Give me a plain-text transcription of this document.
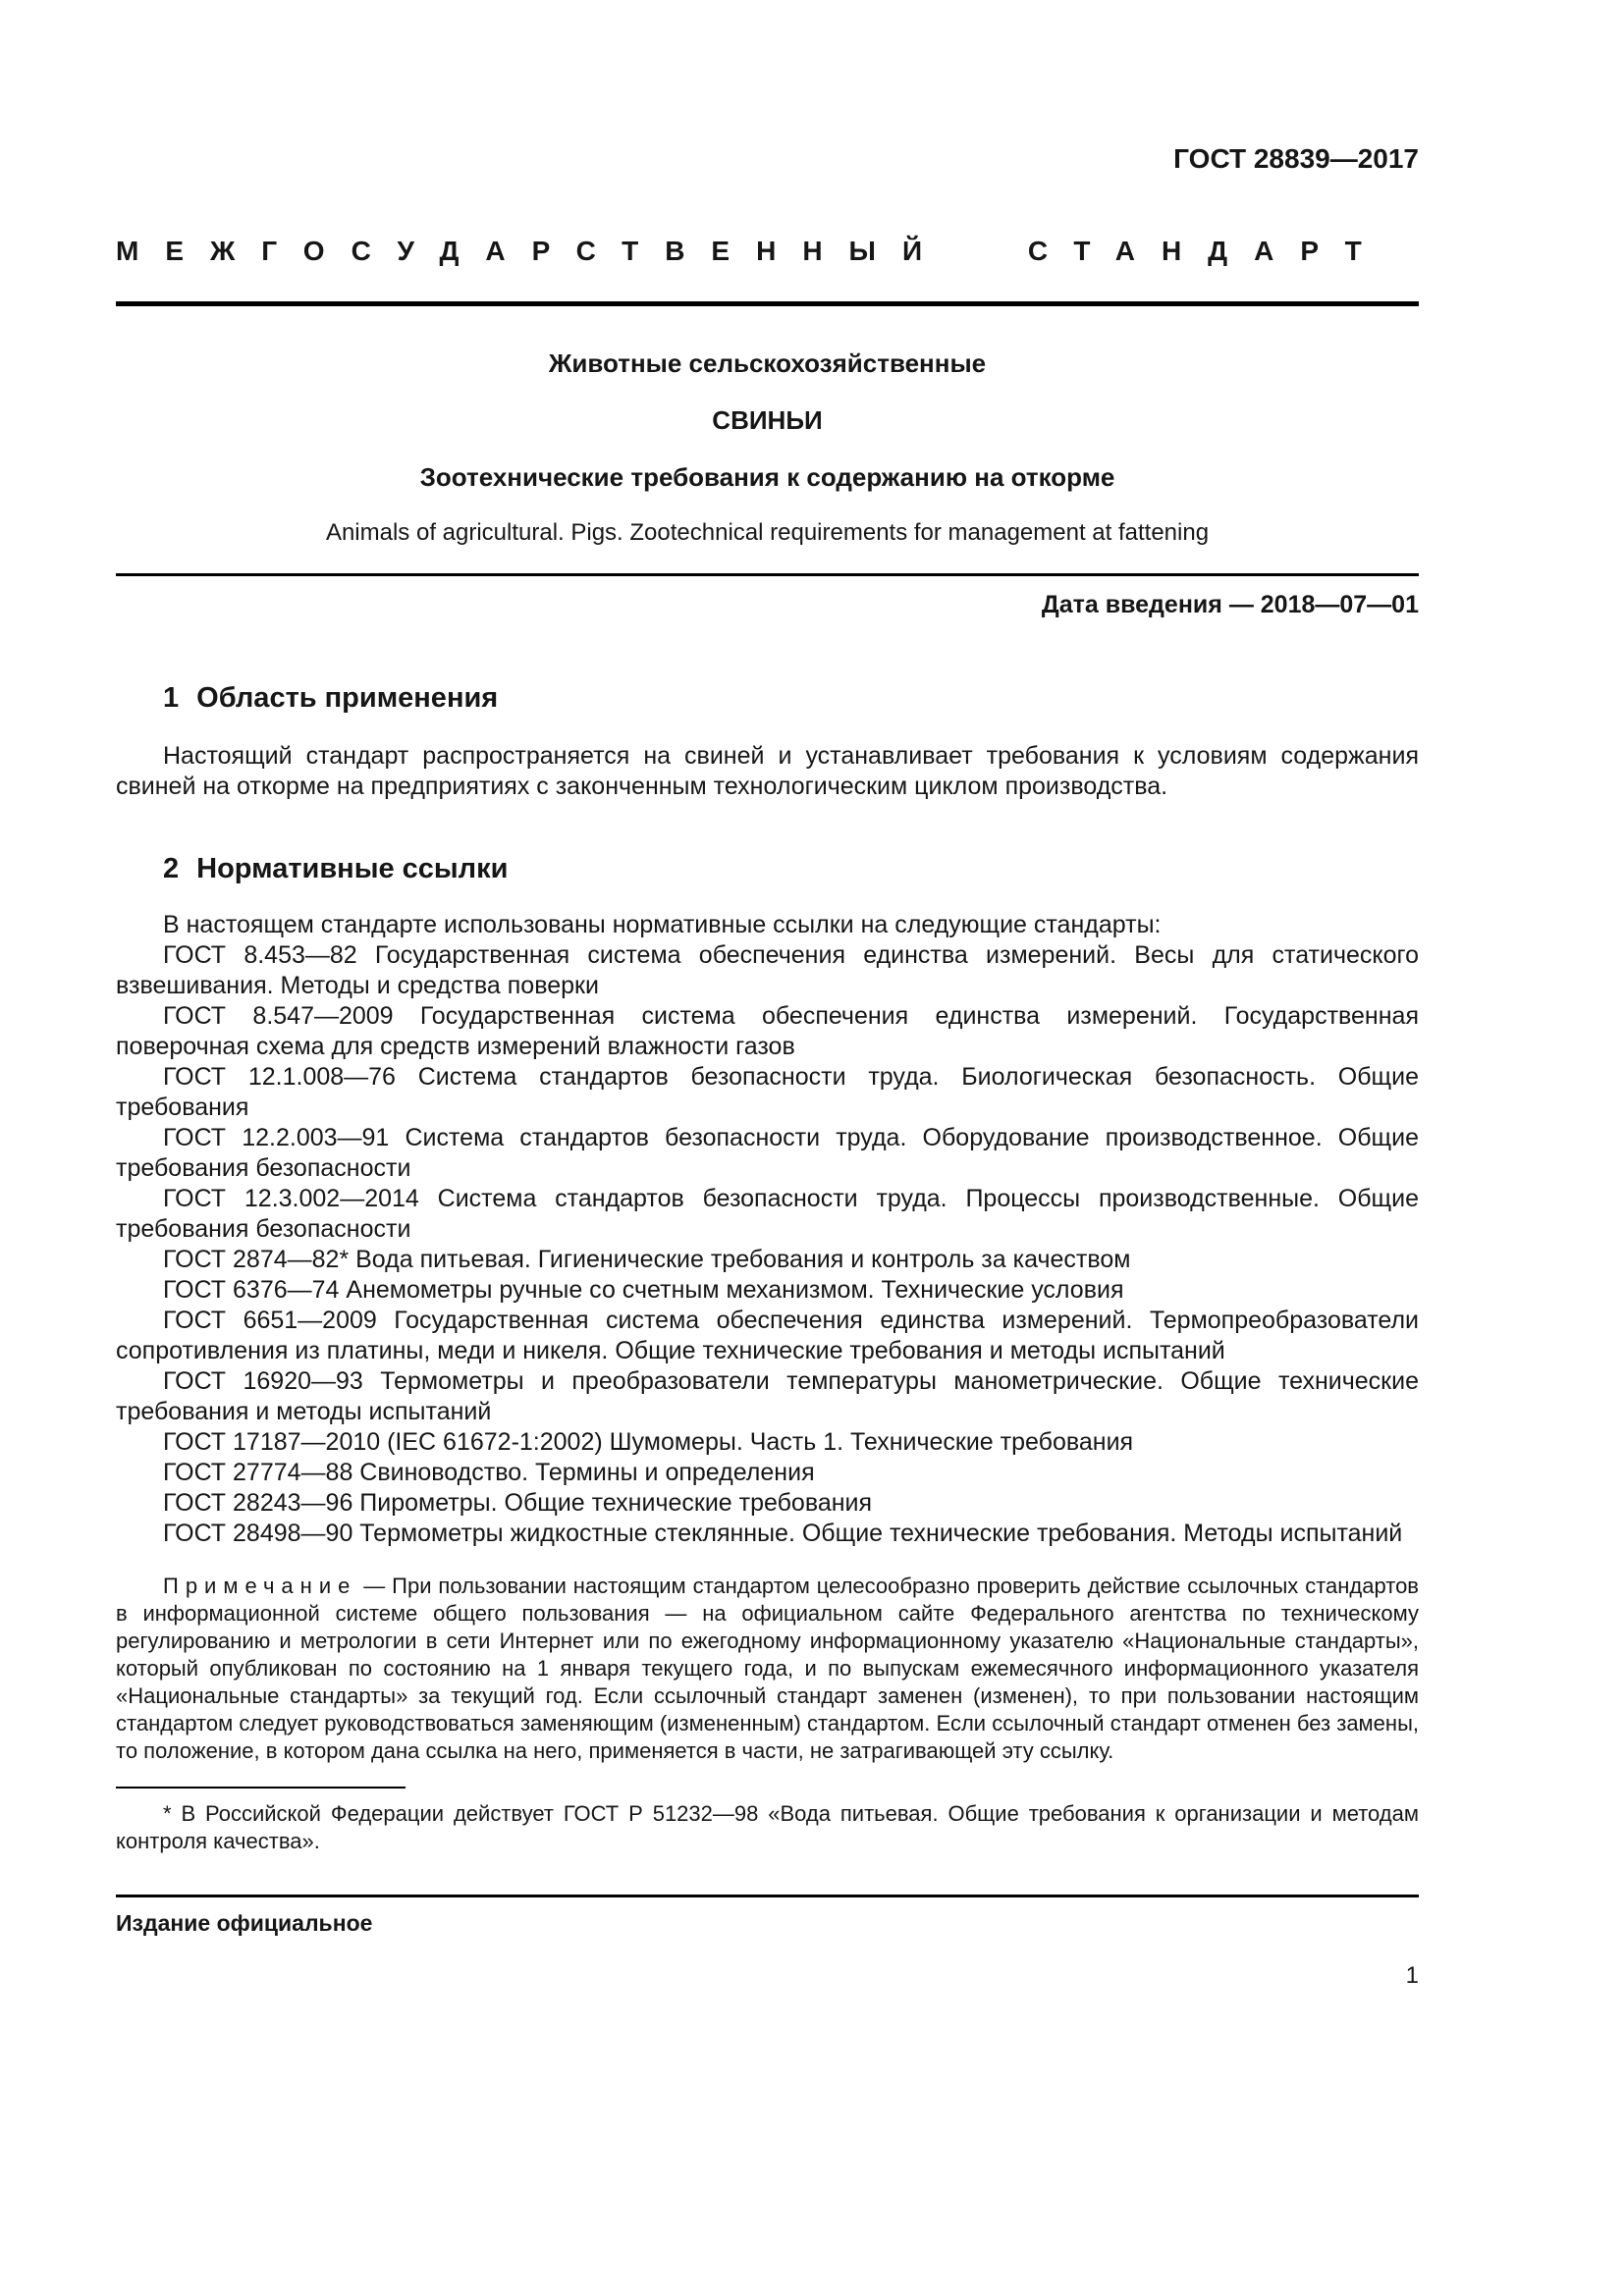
ГОСТ 28839—2017
МЕЖГОСУДАРСТВЕННЫЙ СТАНДАРТ

Животные сельскохозяйственные

СВИНЬИ

Зоотехнические требования к содержанию на откорме

Animals of agricultural. Pigs. Zootechnical requirements for management at fattening

Дата введения — 2018—07—01

1 Область применения

Настоящий стандарт распространяется на свиней и устанавливает требования к условиям содержания свиней на откорме на предприятиях с законченным технологическим циклом производства.

2 Нормативные ссылки

В настоящем стандарте использованы нормативные ссылки на следующие стандарты:

ГОСТ 8.453—82 Государственная система обеспечения единства измерений. Весы для статического взвешивания. Методы и средства поверки

ГОСТ 8.547—2009 Государственная система обеспечения единства измерений. Государственная поверочная схема для средств измерений влажности газов

ГОСТ 12.1.008—76 Система стандартов безопасности труда. Биологическая безопасность. Общие требования

ГОСТ 12.2.003—91 Система стандартов безопасности труда. Оборудование производственное. Общие требования безопасности

ГОСТ 12.3.002—2014 Система стандартов безопасности труда. Процессы производственные. Общие требования безопасности

ГОСТ 2874—82* Вода питьевая. Гигиенические требования и контроль за качеством

ГОСТ 6376—74 Анемометры ручные со счетным механизмом. Технические условия

ГОСТ 6651—2009 Государственная система обеспечения единства измерений. Термопреобразователи сопротивления из платины, меди и никеля. Общие технические требования и методы испытаний

ГОСТ 16920—93 Термометры и преобразователи температуры манометрические. Общие технические требования и методы испытаний

ГОСТ 17187—2010 (IEC 61672-1:2002) Шумомеры. Часть 1. Технические требования

ГОСТ 27774—88 Свиноводство. Термины и определения

ГОСТ 28243—96 Пирометры. Общие технические требования

ГОСТ 28498—90 Термометры жидкостные стеклянные. Общие технические требования. Методы испытаний

Примечание — При пользовании настоящим стандартом целесообразно проверить действие ссылочных стандартов в информационной системе общего пользования — на официальном сайте Федерального агентства по техническому регулированию и метрологии в сети Интернет или по ежегодному информационному указателю «Национальные стандарты», который опубликован по состоянию на 1 января текущего года, и по выпускам ежемесячного информационного указателя «Национальные стандарты» за текущий год. Если ссылочный стандарт заменен (изменен), то при пользовании настоящим стандартом следует руководствоваться заменяющим (измененным) стандартом. Если ссылочный стандарт отменен без замены, то положение, в котором дана ссылка на него, применяется в части, не затрагивающей эту ссылку.

* В Российской Федерации действует ГОСТ Р 51232—98 «Вода питьевая. Общие требования к организации и методам контроля качества».

Издание официальное

1
